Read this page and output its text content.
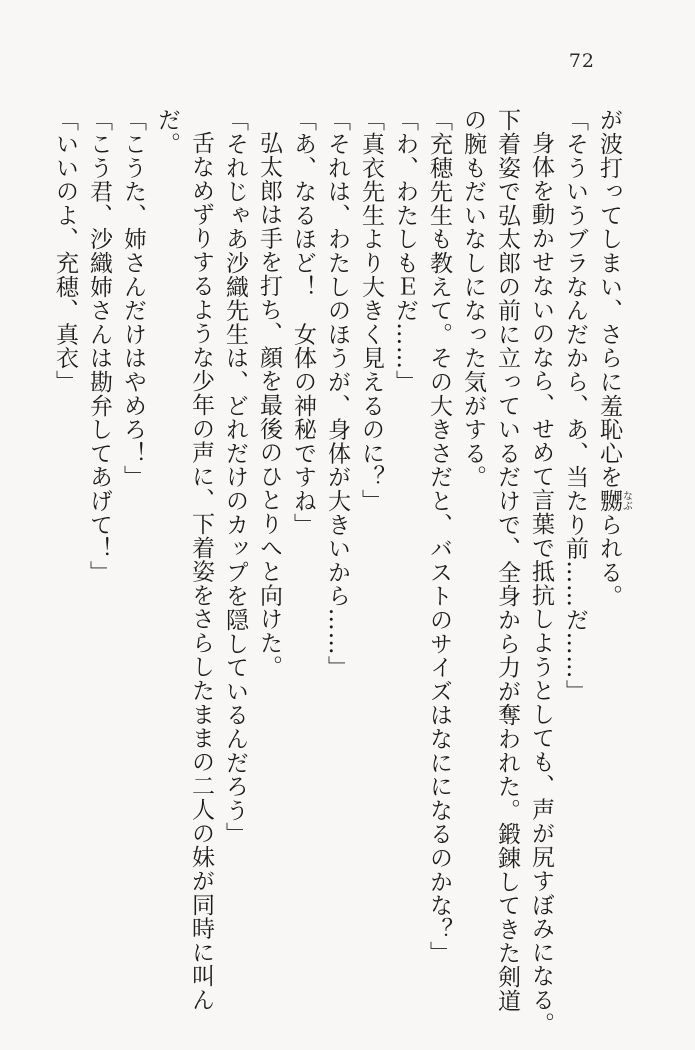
72

が波打ってしまい、さらに羞恥心を嬲なぶられる。

「そういうブラなんだから、あ、当たり前……だ……」

身体を動かせないのなら、せめて言葉で抵抗しようとしても、声が尻すぼみになる。

下着姿で弘太郎の前に立っているだけで、全身から力が奪われた。鍛錬してきた剣道

の腕もだいなしになった気がする。

「充穂先生も教えて。その大きさだと、バストのサイズはなにになるのかな？」

「わ、わたしもＥだ……」

「真衣先生より大きく見えるのに？」

「それは、わたしのほうが、身体が大きいから……」

「あ、なるほど！　女体の神秘ですね」

弘太郎は手を打ち、顔を最後のひとりへと向けた。

「それじゃあ沙織先生は、どれだけのカップを隠しているんだろう」

舌なめずりするような少年の声に、下着姿をさらしたままの二人の妹が同時に叫ん

だ。

「こうた、姉さんだけはやめろ！」

「こう君、沙織姉さんは勘弁してあげて！」

「いいのよ、充穂、真衣」
